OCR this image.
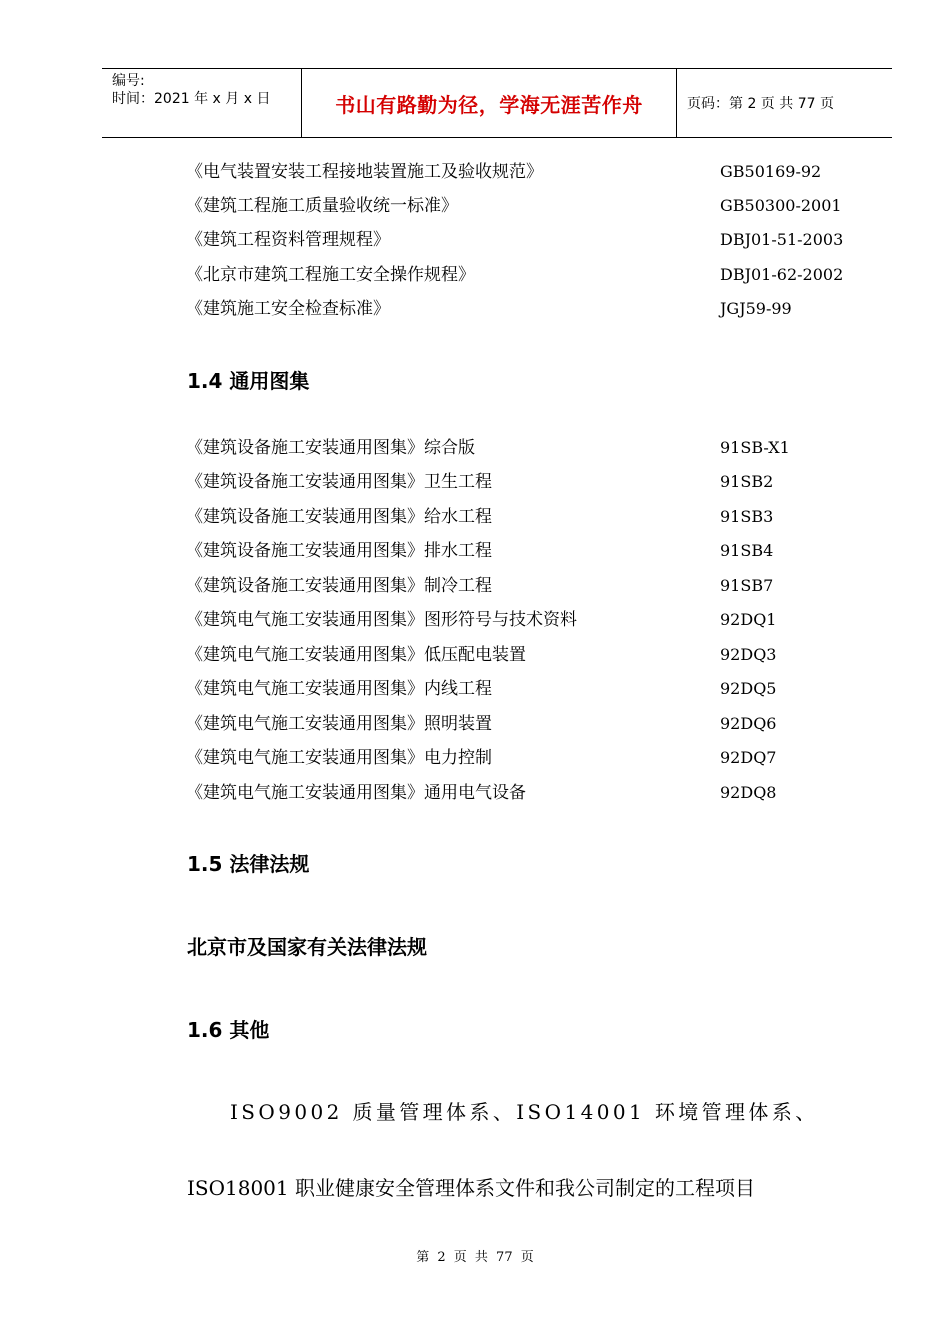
编号:
时间：2021 年 x 月 x 日	书山有路勤为径，学海无涯苦作舟	页码：第 2 页 共 77 页
《电气装置安装工程接地装置施工及验收规范》	GB50169-92
《建筑工程施工质量验收统一标准》	GB50300-2001
《建筑工程资料管理规程》	DBJ01-51-2003
《北京市建筑工程施工安全操作规程》	DBJ01-62-2002
《建筑施工安全检查标准》	JGJ59-99
1.4 通用图集
《建筑设备施工安装通用图集》综合版	91SB-X1
《建筑设备施工安装通用图集》卫生工程	91SB2
《建筑设备施工安装通用图集》给水工程	91SB3
《建筑设备施工安装通用图集》排水工程	91SB4
《建筑设备施工安装通用图集》制冷工程	91SB7
《建筑电气施工安装通用图集》图形符号与技术资料	92DQ1
《建筑电气施工安装通用图集》低压配电装置	92DQ3
《建筑电气施工安装通用图集》内线工程	92DQ5
《建筑电气施工安装通用图集》照明装置	92DQ6
《建筑电气施工安装通用图集》电力控制	92DQ7
《建筑电气施工安装通用图集》通用电气设备	92DQ8
1.5 法律法规
北京市及国家有关法律法规
1.6 其他
ISO9002 质量管理体系、ISO14001 环境管理体系、
ISO18001 职业健康安全管理体系文件和我公司制定的工程项目
第 2 页 共 77 页
